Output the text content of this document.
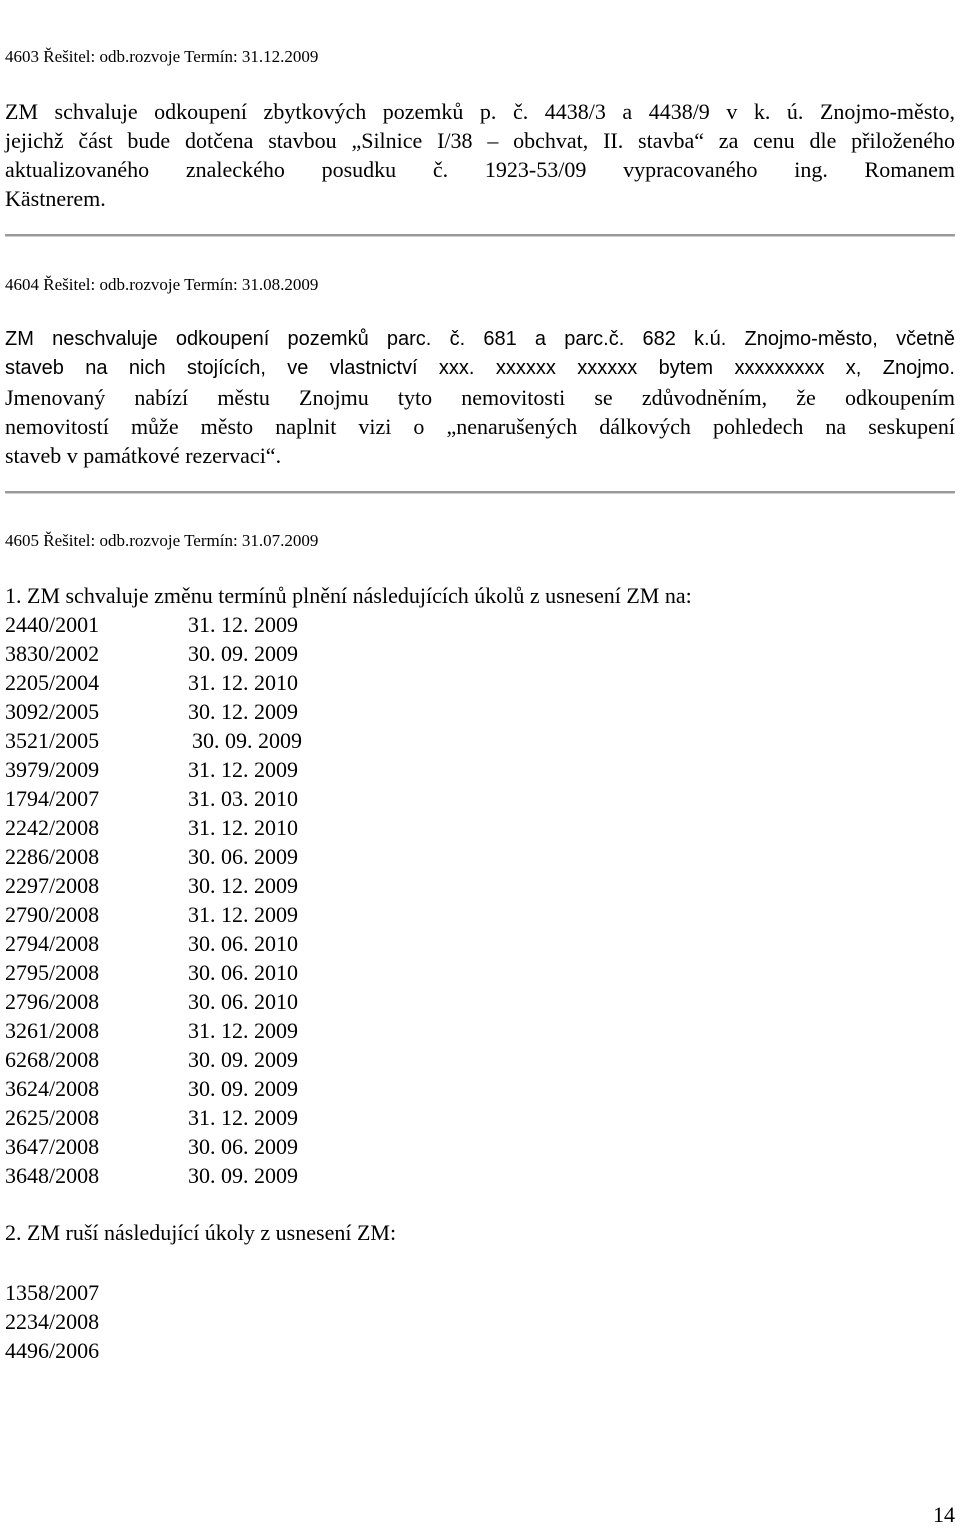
4603 Řešitel: odb.rozvoje Termín: 31.12.2009
ZM schvaluje odkoupení zbytkových pozemků p. č. 4438/3 a 4438/9 v k. ú. Znojmo-město,
jejichž část bude dotčena stavbou „Silnice I/38 – obchvat, II. stavba“ za cenu dle přiloženého
aktualizovaného znaleckého posudku č. 1923-53/09 vypracovaného ing. Romanem
Kästnerem.
4604 Řešitel: odb.rozvoje Termín: 31.08.2009
ZM neschvaluje odkoupení pozemků parc. č. 681 a parc.č. 682 k.ú. Znojmo-město, včetně
staveb na nich stojících, ve vlastnictví xxx. xxxxxx xxxxxx bytem xxxxxxxxx x, Znojmo.
Jmenovaný nabízí městu Znojmu tyto nemovitosti se zdůvodněním, že odkoupením
nemovitostí může město naplnit vizi o „nenarušených dálkových pohledech na seskupení
staveb v památkové rezervaci“.
4605 Řešitel: odb.rozvoje Termín: 31.07.2009
1. ZM schvaluje změnu termínů plnění následujících úkolů z usnesení ZM na:
2440/2001	31. 12. 2009
3830/2002	30. 09. 2009
2205/2004	31. 12. 2010
3092/2005	30. 12. 2009
3521/2005	30. 09. 2009
3979/2009	31. 12. 2009
1794/2007	31. 03. 2010
2242/2008	31. 12. 2010
2286/2008	30. 06. 2009
2297/2008	30. 12. 2009
2790/2008	31. 12. 2009
2794/2008	30. 06. 2010
2795/2008	30. 06. 2010
2796/2008	30. 06. 2010
3261/2008	31. 12. 2009
6268/2008	30. 09. 2009
3624/2008	30. 09. 2009
2625/2008	31. 12. 2009
3647/2008	30. 06. 2009
3648/2008	30. 09. 2009
2. ZM ruší následující úkoly z usnesení ZM:
1358/2007
2234/2008
4496/2006
14
